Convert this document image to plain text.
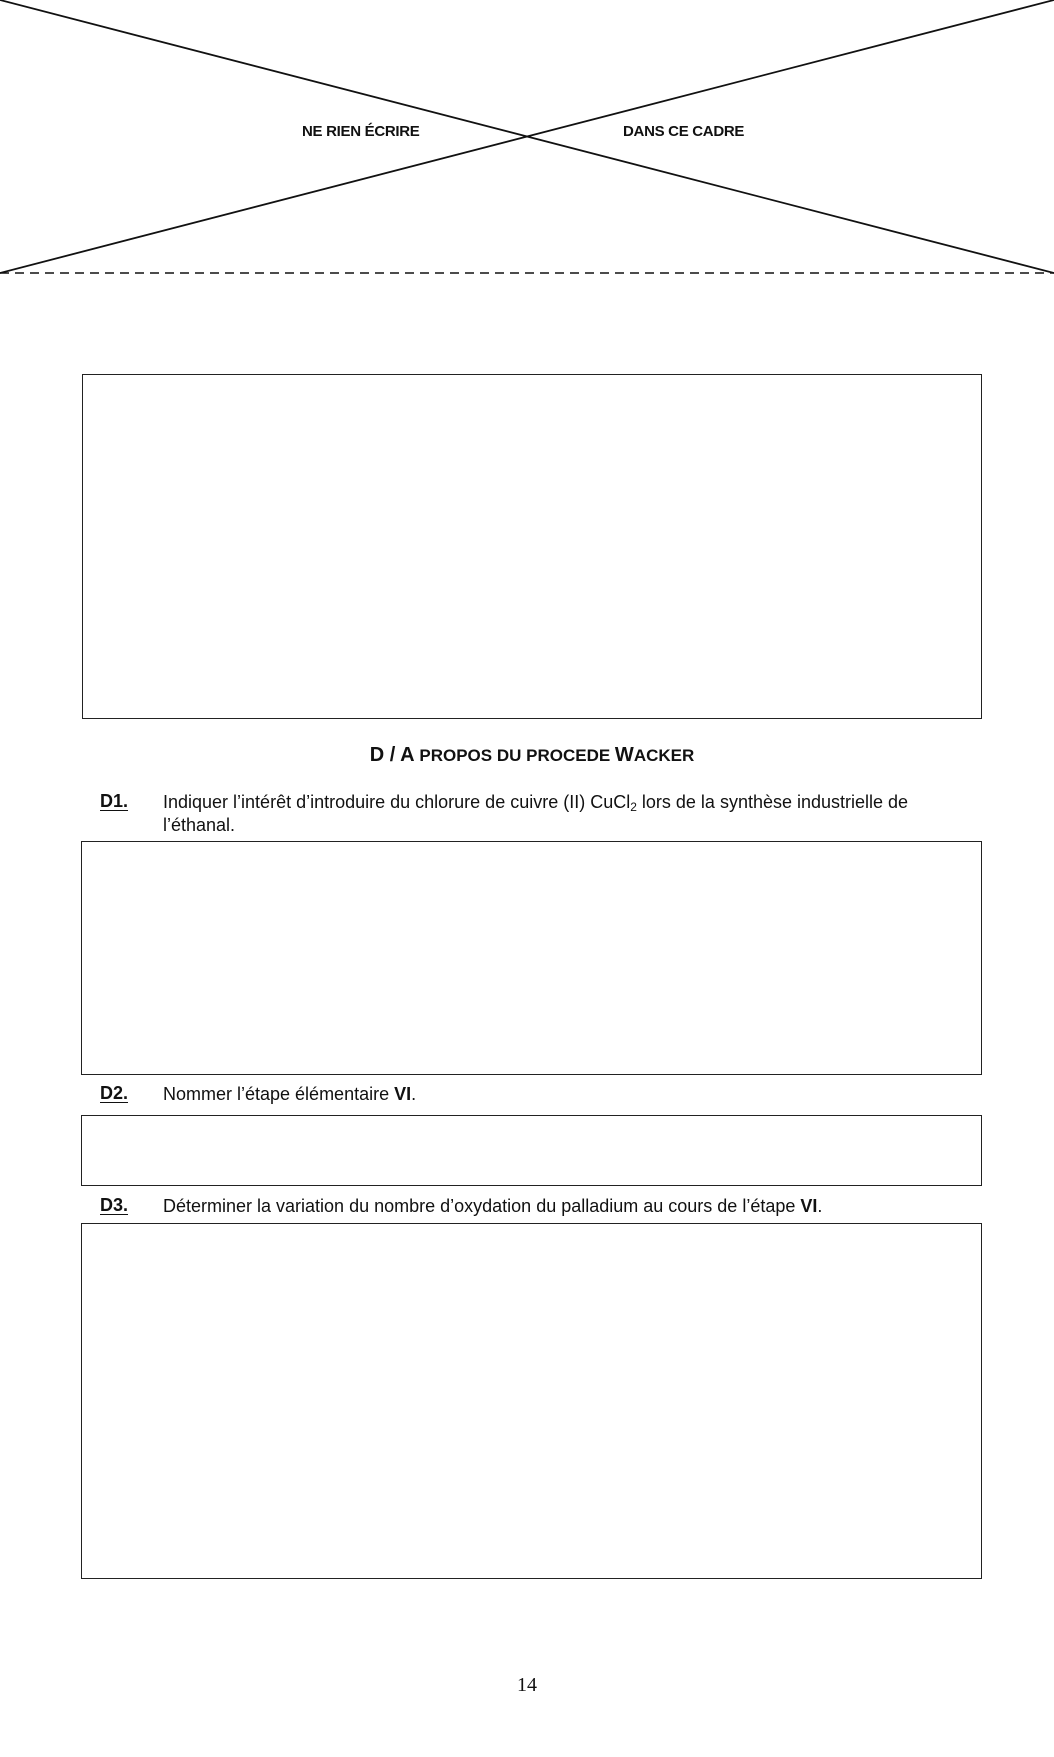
NE RIEN ÉCRIRE	DANS CE CADRE
D / A PROPOS DU PROCEDE WACKER
D1. Indiquer l’intérêt d’introduire du chlorure de cuivre (II) CuCl$_2$ lors de la synthèse industrielle de l’éthanal.
D2. Nommer l’étape élémentaire VI.
D3. Déterminer la variation du nombre d’oxydation du palladium au cours de l’étape VI.
14
